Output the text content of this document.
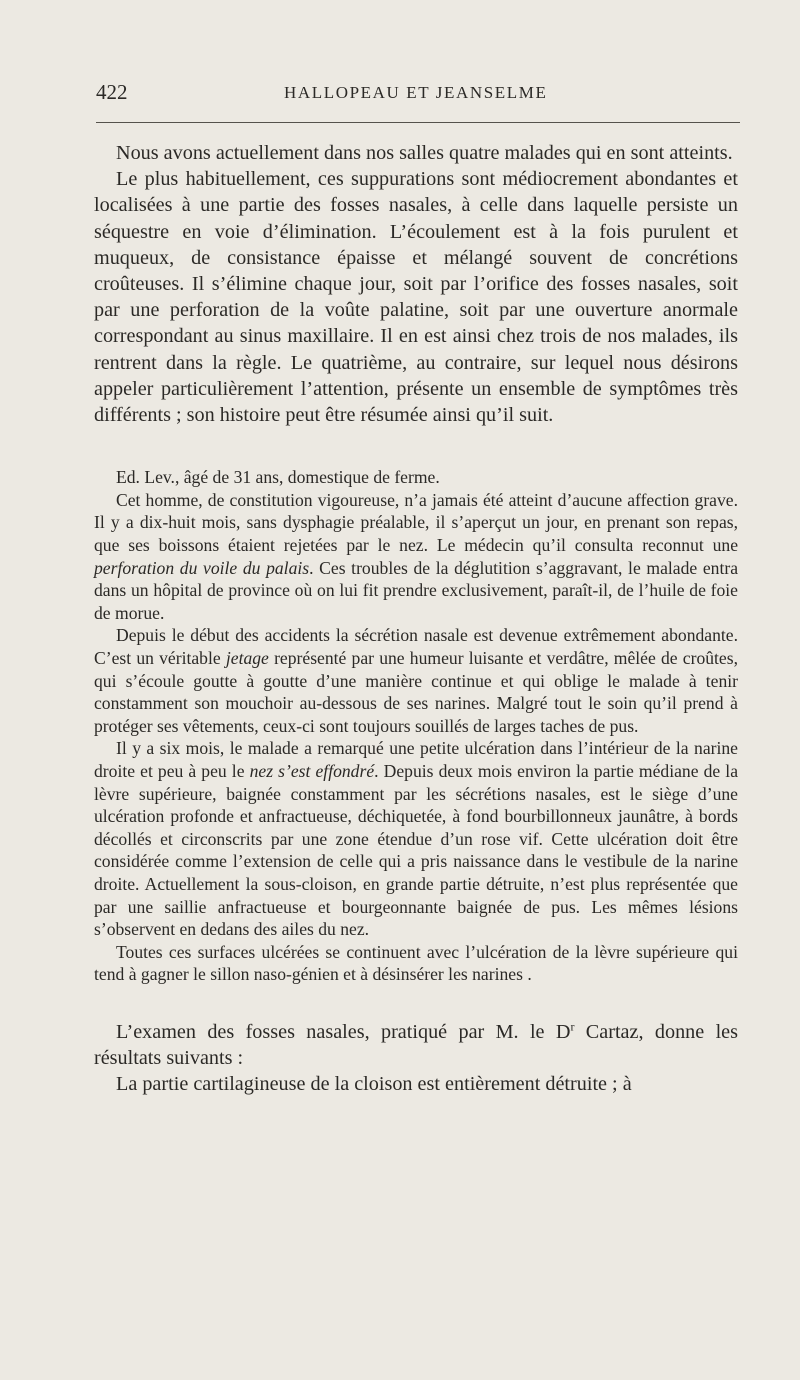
422	HALLOPEAU ET JEANSELME

Nous avons actuellement dans nos salles quatre malades qui en sont atteints.

Le plus habituellement, ces suppurations sont médiocrement abondantes et localisées à une partie des fosses nasales, à celle dans laquelle persiste un séquestre en voie d’élimination. L’écoulement est à la fois purulent et muqueux, de consistance épaisse et mélangé souvent de concrétions croûteuses. Il s’élimine chaque jour, soit par l’orifice des fosses nasales, soit par une perforation de la voûte palatine, soit par une ouverture anormale correspondant au sinus maxillaire. Il en est ainsi chez trois de nos malades, ils rentrent dans la règle. Le quatrième, au contraire, sur lequel nous désirons appeler particulièrement l’attention, présente un ensemble de symptômes très différents ; son histoire peut être résumée ainsi qu’il suit.

Ed. Lev., âgé de 31 ans, domestique de ferme.

Cet homme, de constitution vigoureuse, n’a jamais été atteint d’aucune affection grave. Il y a dix-huit mois, sans dysphagie préalable, il s’aperçut un jour, en prenant son repas, que ses boissons étaient rejetées par le nez. Le médecin qu’il consulta reconnut une perforation du voile du palais. Ces troubles de la déglutition s’aggravant, le malade entra dans un hôpital de province où on lui fit prendre exclusivement, paraît-il, de l’huile de foie de morue.

Depuis le début des accidents la sécrétion nasale est devenue extrêmement abondante. C’est un véritable jetage représenté par une humeur luisante et verdâtre, mêlée de croûtes, qui s’écoule goutte à goutte d’une manière continue et qui oblige le malade à tenir constamment son mouchoir au-dessous de ses narines. Malgré tout le soin qu’il prend à protéger ses vêtements, ceux-ci sont toujours souillés de larges taches de pus.

Il y a six mois, le malade a remarqué une petite ulcération dans l’intérieur de la narine droite et peu à peu le nez s’est effondré. Depuis deux mois environ la partie médiane de la lèvre supérieure, baignée constamment par les sécrétions nasales, est le siège d’une ulcération profonde et anfractueuse, déchiquetée, à fond bourbillonneux jaunâtre, à bords décollés et circonscrits par une zone étendue d’un rose vif. Cette ulcération doit être considérée comme l’extension de celle qui a pris naissance dans le vestibule de la narine droite. Actuellement la sous-cloison, en grande partie détruite, n’est plus représentée que par une saillie anfractueuse et bourgeonnante baignée de pus. Les mêmes lésions s’observent en dedans des ailes du nez.

Toutes ces surfaces ulcérées se continuent avec l’ulcération de la lèvre supérieure qui tend à gagner le sillon naso-génien et à désinsérer les narines .

L’examen des fosses nasales, pratiqué par M. le $D^r$ Cartaz, donne les résultats suivants :

La partie cartilagineuse de la cloison est entièrement détruite ; à
